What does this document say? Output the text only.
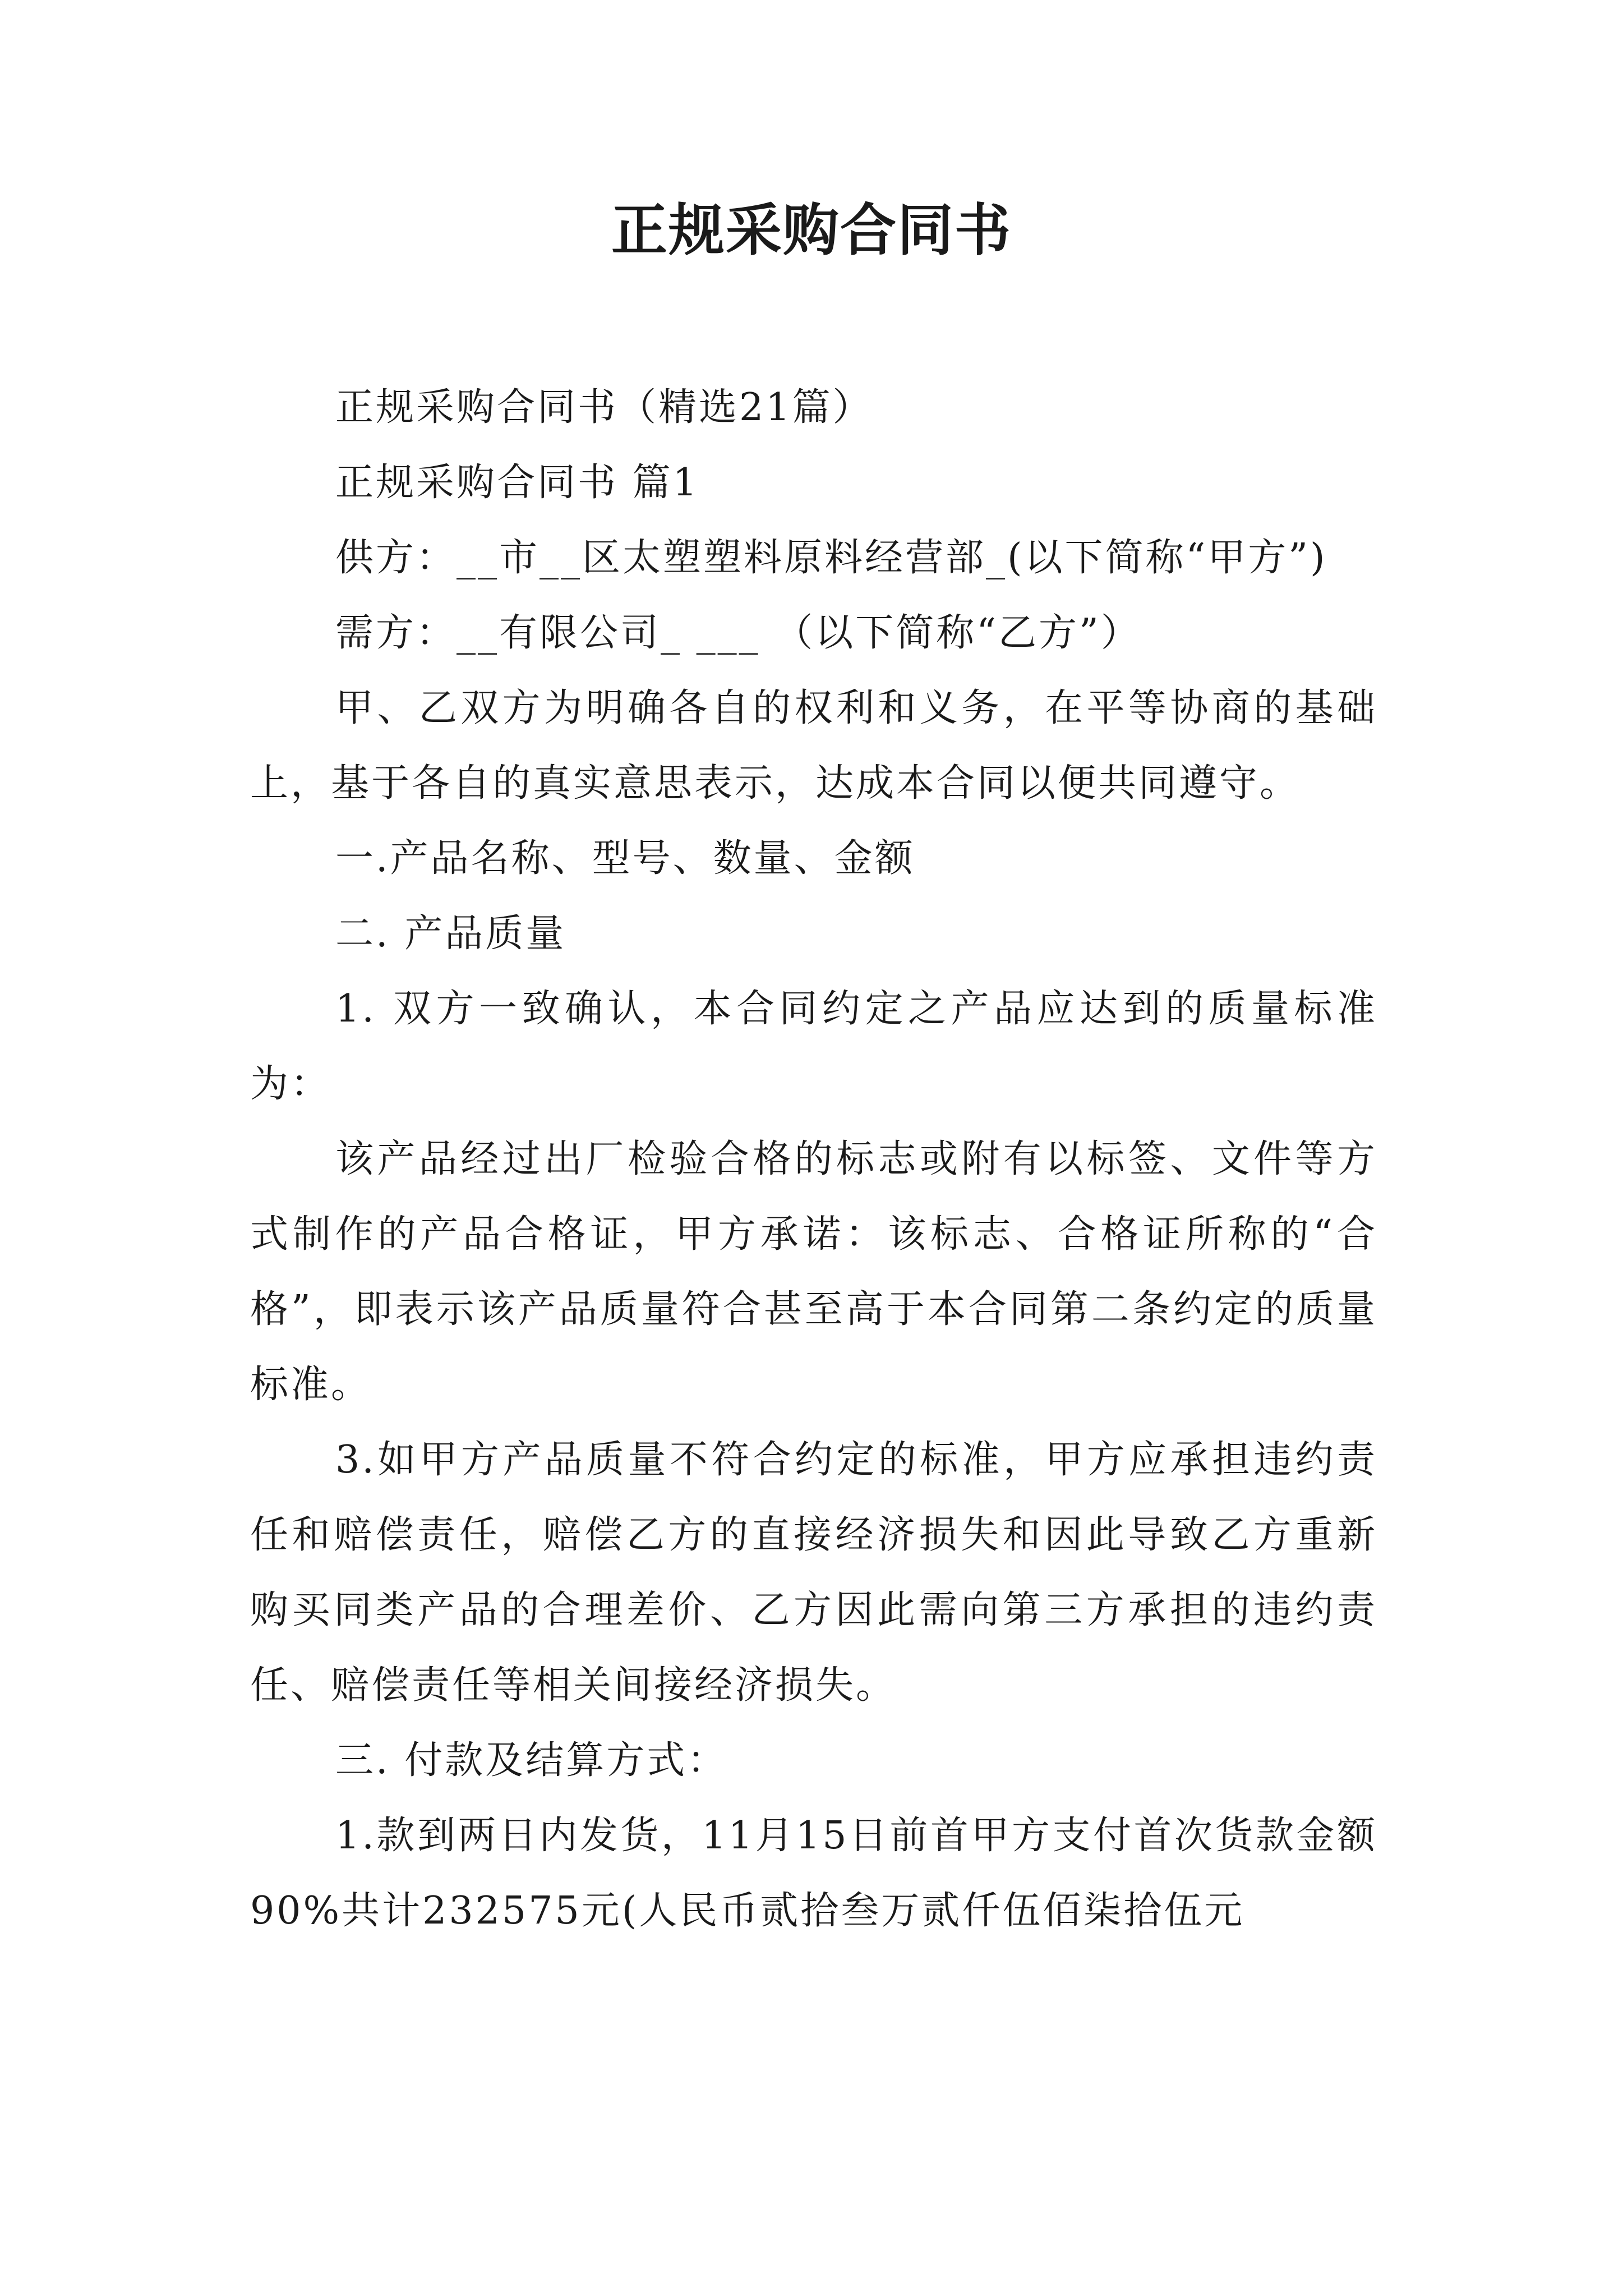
正规采购合同书

正规采购合同书（精选21篇）

正规采购合同书 篇1

供方：__市__区太塑塑料原料经营部_(以下简称“甲方”)

需方：__有限公司_ ___ （以下简称“乙方”）

甲、乙双方为明确各自的权利和义务，在平等协商的基础上，基于各自的真实意思表示，达成本合同以便共同遵守。

一.产品名称、型号、数量、金额

二. 产品质量

1. 双方一致确认，本合同约定之产品应达到的质量标准为：

该产品经过出厂检验合格的标志或附有以标签、文件等方式制作的产品合格证，甲方承诺：该标志、合格证所称的“合格”，即表示该产品质量符合甚至高于本合同第二条约定的质量标准。

3.如甲方产品质量不符合约定的标准，甲方应承担违约责任和赔偿责任，赔偿乙方的直接经济损失和因此导致乙方重新购买同类产品的合理差价、乙方因此需向第三方承担的违约责任、赔偿责任等相关间接经济损失。

三. 付款及结算方式：

1.款到两日内发货，11月15日前首甲方支付首次货款金额90%共计232575元(人民币贰拾叁万贰仟伍佰柒拾伍元
